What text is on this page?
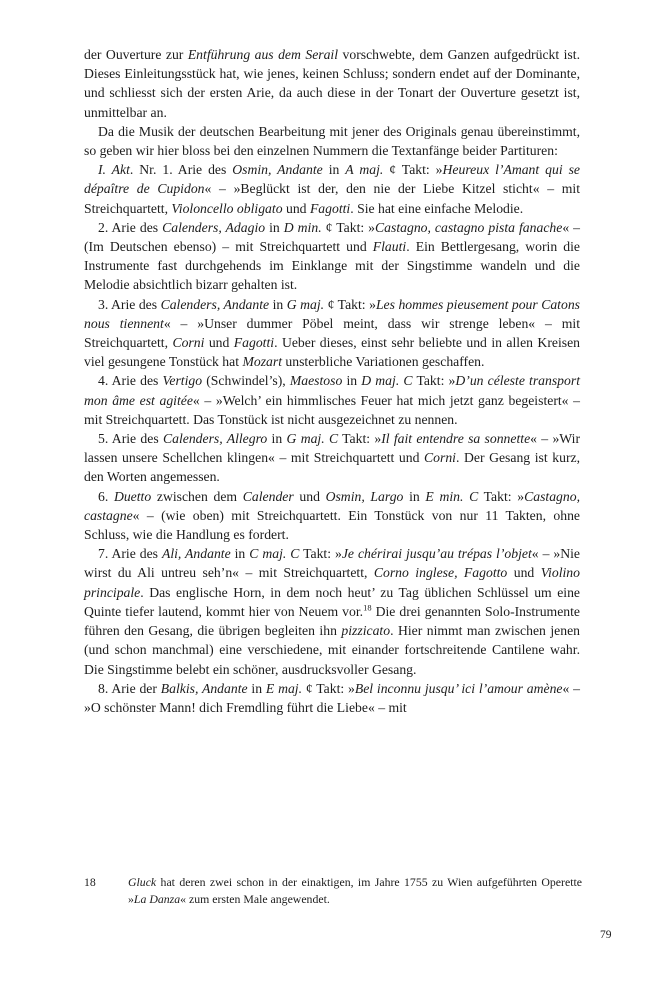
der Ouverture zur Entführung aus dem Serail vorschwebte, dem Ganzen aufgedrückt ist. Dieses Einleitungsstück hat, wie jenes, keinen Schluss; sondern endet auf der Dominante, und schliesst sich der ersten Arie, da auch diese in der Tonart der Ouverture gesetzt ist, unmittelbar an.

Da die Musik der deutschen Bearbeitung mit jener des Originals genau übereinstimmt, so geben wir hier bloss bei den einzelnen Nummern die Textanfänge beider Partituren:

I. Akt. Nr. 1. Arie des Osmin, Andante in A maj. ¢ Takt: »Heureux l’Amant qui se dépaître de Cupidon« – »Beglückt ist der, den nie der Liebe Kitzel sticht« – mit Streichquartett, Violoncello obligato und Fagotti. Sie hat eine einfache Melodie.

2. Arie des Calenders, Adagio in D min. ¢ Takt: »Castagno, castagno pista fanache« – (Im Deutschen ebenso) – mit Streichquartett und Flauti. Ein Bettlergesang, worin die Instrumente fast durchgehends im Einklange mit der Singstimme wandeln und die Melodie absichtlich bizarr gehalten ist.

3. Arie des Calenders, Andante in G maj. ¢ Takt: »Les hommes pieusement pour Catons nous tiennent« – »Unser dummer Pöbel meint, dass wir strenge leben« – mit Streichquartett, Corni und Fagotti. Ueber dieses, einst sehr beliebte und in allen Kreisen viel gesungene Tonstück hat Mozart unsterbliche Variationen geschaffen.

4. Arie des Vertigo (Schwindel’s), Maestoso in D maj. C Takt: »D’un céleste transport mon âme est agitée« – »Welch’ ein himmlisches Feuer hat mich jetzt ganz begeistert« – mit Streichquartett. Das Tonstück ist nicht ausgezeichnet zu nennen.

5. Arie des Calenders, Allegro in G maj. C Takt: »Il fait entendre sa sonnette« – »Wir lassen unsere Schellchen klingen« – mit Streichquartett und Corni. Der Gesang ist kurz, den Worten angemessen.

6. Duetto zwischen dem Calender und Osmin, Largo in E min. C Takt: »Castagno, castagne« – (wie oben) mit Streichquartett. Ein Tonstück von nur 11 Takten, ohne Schluss, wie die Handlung es fordert.

7. Arie des Ali, Andante in C maj. C Takt: »Je chérirai jusqu’au trépas l’objet« – »Nie wirst du Ali untreu seh’n« – mit Streichquartett, Corno inglese, Fagotto und Violino principale. Das englische Horn, in dem noch heut’ zu Tag üblichen Schlüssel um eine Quinte tiefer lautend, kommt hier von Neuem vor.$^{18}$ Die drei genannten Solo-Instrumente führen den Gesang, die übrigen begleiten ihn pizzicato. Hier nimmt man zwischen jenen (und schon manchmal) eine verschiedene, mit einander fortschreitende Cantilene wahr. Die Singstimme belebt ein schöner, ausdrucksvoller Gesang.

8. Arie der Balkis, Andante in E maj. ¢ Takt: »Bel inconnu jusqu’ ici l’amour amène« – »O schönster Mann! dich Fremdling führt die Liebe« – mit

18	Gluck hat deren zwei schon in der einaktigen, im Jahre 1755 zu Wien aufgeführten Operette »La Danza« zum ersten Male angewendet.
79
